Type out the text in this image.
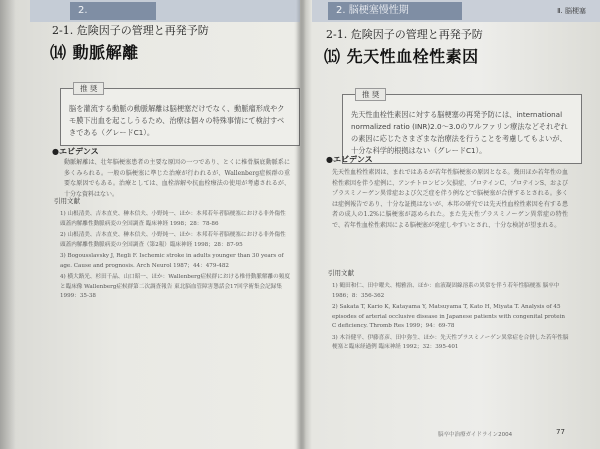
2.
2-1. 危険因子の管理と再発予防
⒁ 動脈解離
推 奨
脳を灌流する動脈の動脈解離は脳梗塞だけでなく、動脈瘤形成やクモ膜下出血を起こしうるため、治療は個々の特殊事情にて検討すべきである（グレードC1）。
●エビデンス
動脈解離は、壮年脳梗塞患者の主要な原因の一つであり、とくに椎骨脳底動脈系に多くみられる。一般の脳梗塞に準じた治療が行われるが、Wallenberg症候群の重要な原因でもある。治療としては、血栓溶解や抗血栓療法の使用が考慮されるが、十分な資料はない。
引用文献
1) 山根清美、吉本直史、榊本信夫、小野純一、ほか：本邦若年者脳梗塞における非外傷性頭蓋内解離性動脈病変の全国調査 臨床神経 1998；28：78-86
2) 山根清美、吉本直史、榊本信夫、小野純一、ほか：本邦若年者脳梗塞における非外傷性頭蓋内解離性動脈病変の全国調査（第2報）臨床神経 1998；28：87-95
3) Bogousslavsky J, Regli F. Ischemic stroke in adults younger than 30 years of age. Cause and prognosis. Arch Neurol 1987；44：479-482
4) 横大路光、杉田千晶、山口昭一、ほか：Wallenberg症候群における椎骨動脈解離の頻度と臨床像 Wallenberg症候群第二次調査報告 東北脳血管障害懇話会17回学術集会記録集 1999：35-38
2. 脳梗塞慢性期	Ⅱ. 脳梗塞
2-1. 危険因子の管理と再発予防
⒂ 先天性血栓性素因
推 奨
先天性血栓性素因に対する脳梗塞の再発予防には、international normalized ratio (INR)2.0～3.0のワルファリン療法などそれぞれの素因に応じたさまざまな治療法を行うことを考慮してもよいが、十分な科学的根拠はない（グレードC1）。
●エビデンス
先天性血栓性素因は、まれではあるが若年性脳梗塞の原因となる。幾田ほか若年性の血栓性素因を伴う症例に、アンチトロンビン欠損症、プロテインC、プロテインS、およびプラスミノーゲン異常症および欠乏症を伴う例などで脳梗塞が合併するとされる。多くは症例報告であり、十分な証拠はないが、本邦の研究では先天性血栓性素因を有する患者の成人の1.2%に脳梗塞が認められた。また先天性プラスミノーゲン異常症の特性で、若年性血栓性素因による脳梗塞が発症しやすいとされ、十分な検討が望まれる。
引用文献
1) 鶴田和仁、田中曜夫、楊雅治、ほか：血液凝固線溶系の異常を伴う若年性脳梗塞 脳卒中 1986；8：356-362
2) Sakata T, Kario K, Katayama Y, Matsuyama T, Kato H, Miyata T. Analysis of 45 episodes of arterial occlusive disease in Japanese patients with congenital protein C deficiency. Thromb Res 1999；94：69-78
3) 木谷健平、伊藤喜彦、田中弥生、ほか：先天性プラスミノーゲン異常症を合併した若年性脳梗塞と臨床経過例 臨床神経 1992；32：395-401
脳卒中治療ガイドライン2004	77
